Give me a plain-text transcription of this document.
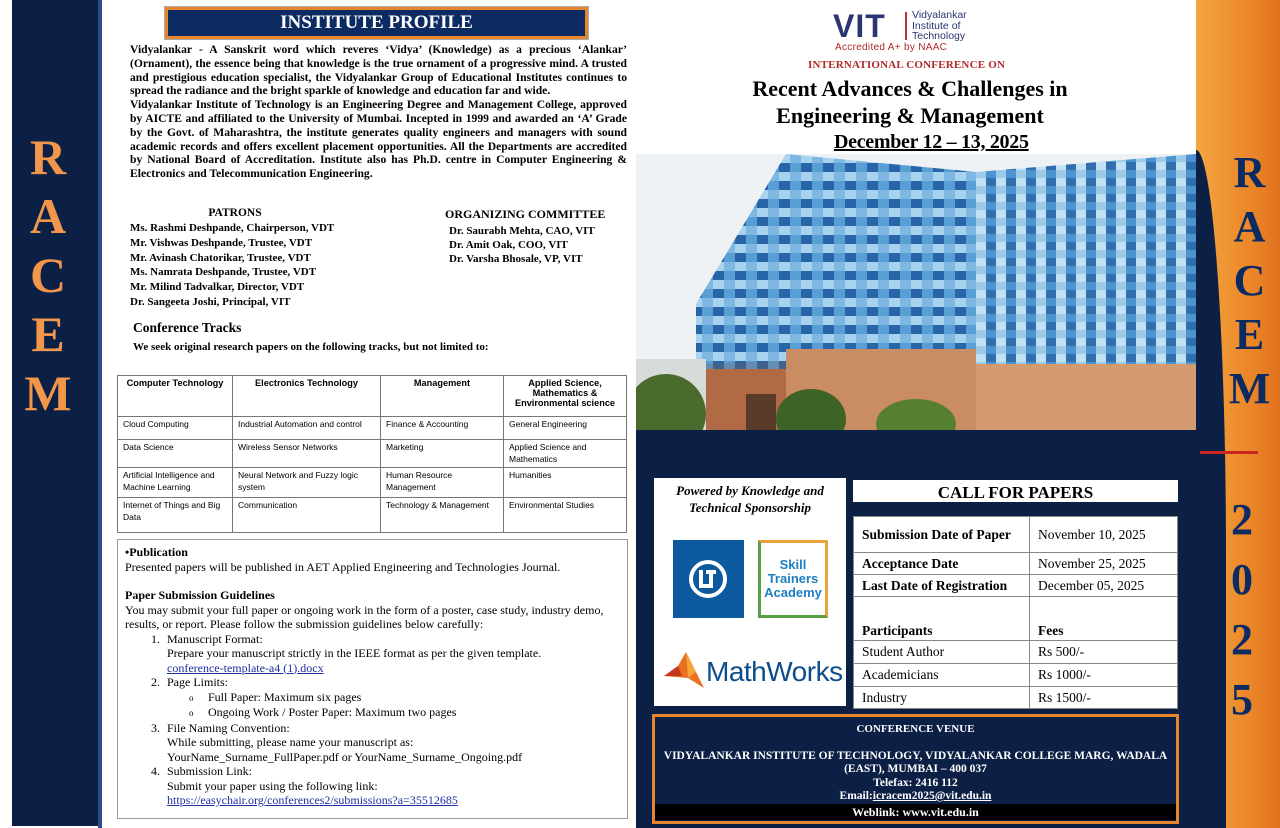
R
A
C
E
M
INSTITUTE PROFILE

Vidyalankar - A Sanskrit word which reveres ‘Vidya’ (Knowledge) as a precious ‘Alankar’ (Ornament), the essence being that knowledge is the true ornament of a progressive mind. A trusted and prestigious education specialist, the Vidyalankar Group of Educational Institutes continues to spread the radiance and the bright sparkle of knowledge and education far and wide.

Vidyalankar Institute of Technology is an Engineering Degree and Management College, approved by AICTE and affiliated to the University of Mumbai. Incepted in 1999 and awarded an ‘A’ Grade by the Govt. of Maharashtra, the institute generates quality engineers and managers with sound academic records and offers excellent placement opportunities. All the Departments are accredited by National Board of Accreditation. Institute also has Ph.D. centre in Computer Engineering & Electronics and Telecommunication Engineering.

PATRONS
Ms. Rashmi Deshpande, Chairperson, VDT
Mr. Vishwas Deshpande, Trustee, VDT
Mr. Avinash Chatorikar, Trustee, VDT
Ms. Namrata Deshpande, Trustee, VDT
Mr. Milind Tadvalkar, Director, VDT
Dr. Sangeeta Joshi, Principal, VIT
ORGANIZING COMMITTEE
Dr. Saurabh Mehta, CAO, VIT
Dr. Amit Oak, COO, VIT
Dr. Varsha Bhosale, VP, VIT
Conference Tracks
We seek original research papers on the following tracks, but not limited to:
Computer Technology	Electronics Technology	Management	Applied Science, Mathematics & Environmental science
Cloud Computing	Industrial Automation and control	Finance & Accounting	General Engineering
Data Science	Wireless Sensor Networks	Marketing	Applied Science and Mathematics
Artificial Intelligence and Machine Learning	Neural Network and Fuzzy logic system	Human Resource Management	Humanities
Internet of Things and Big Data	Communication	Technology & Management	Environmental Studies
•Publication
Presented papers will be published in AET Applied Engineering and Technologies Journal.
Paper Submission Guidelines
You may submit your full paper or ongoing work in the form of a poster, case study, industry demo, results, or report. Please follow the submission guidelines below carefully:
1. Manuscript Format:
Prepare your manuscript strictly in the IEEE format as per the given template.
conference-template-a4 (1).docx
2. Page Limits:
o Full Paper: Maximum six pages
o Ongoing Work / Poster Paper: Maximum two pages
3. File Naming Convention:
While submitting, please name your manuscript as:
YourName_Surname_FullPaper.pdf or YourName_Surname_Ongoing.pdf
4. Submission Link:
Submit your paper using the following link:
https://easychair.org/conferences2/submissions?a=35512685
VIT Vidyalankar
Institute of
Technology
Accredited A+ by NAAC
INTERNATIONAL CONFERENCE ON
Recent Advances & Challenges in Engineering & Management
December 12 – 13, 2025
R
A
C
E
M
2
0
2
5
Powered by Knowledge and Technical Sponsorship
Skill
Trainers
Academy
MathWorks
CALL FOR PAPERS
Submission Date of Paper	November 10, 2025
Acceptance Date	November 25, 2025
Last Date of Registration	December 05, 2025
Participants	Fees
Student Author	Rs 500/-
Academicians	Rs 1000/-
Industry	Rs 1500/-
CONFERENCE VENUE
VIDYALANKAR INSTITUTE OF TECHNOLOGY, VIDYALANKAR COLLEGE MARG, WADALA (EAST), MUMBAI – 400 037
Telefax: 2416 112
Email:icracem2025@vit.edu.in
Weblink: www.vit.edu.in
